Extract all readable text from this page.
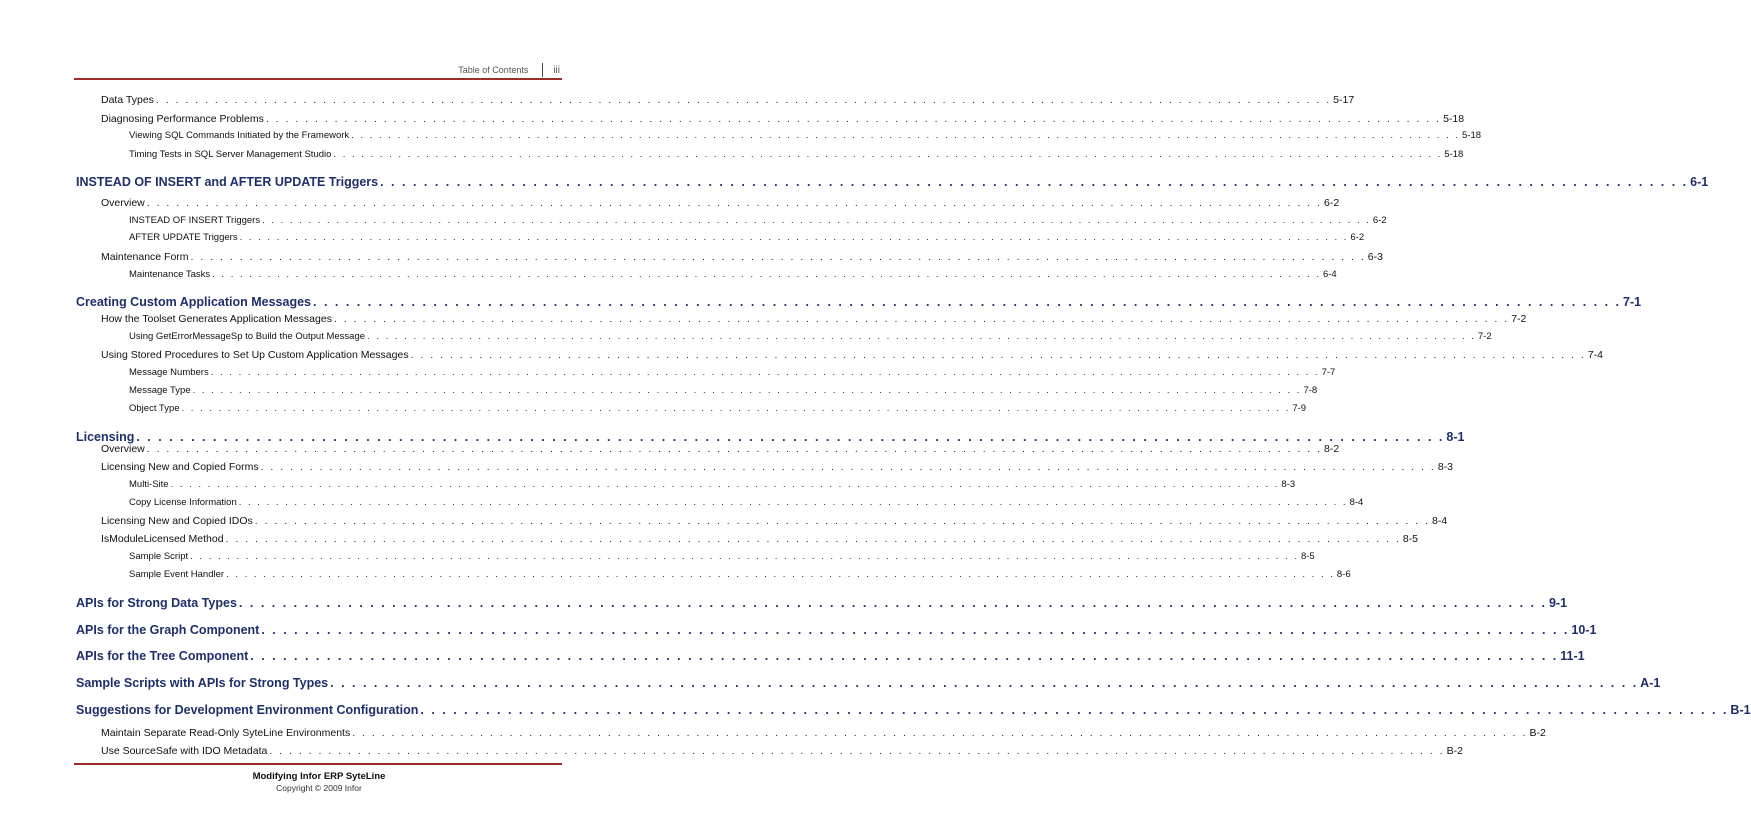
Table of Contents	iii
Data Types . . . . . . . . . . . . . . . . . . . . . . . . . . . . . . . . . . . . . . . . . . . . . . . . . . . . . . . . . . . . . . . . . . . . . . . . . . . . . . . . . . . . . . . . . . . . . . . . . . . . . . . . . . . . . . . . . . . . . . . . 5-17
Diagnosing Performance Problems . . . . . . . . . . . . . . . . . . . . . . . . . . . . . . . . . . . . . . . . . . . . . . . . . . . . . . . . . . . . . . . . . . . . . . . . . . . . . . . . . . . . . . . . . . . . . . . . . . . . . . . . . . . . . . . . . . . . . . . . 5-18
Viewing SQL Commands Initiated by the Framework . . . . . . . . . . . . . . . . . . . . . . . . . . . . . . . . . . . . . . . . . . . . . . . . . . . . . . . . . . . . . . . . . . . . . . . . . . . . . . . . . . . . . . . . . . . . . . . . . . . . . . . . . . . . . . . . . . . . . . . . 5-18
Timing Tests in SQL Server Management Studio . . . . . . . . . . . . . . . . . . . . . . . . . . . . . . . . . . . . . . . . . . . . . . . . . . . . . . . . . . . . . . . . . . . . . . . . . . . . . . . . . . . . . . . . . . . . . . . . . . . . . . . . . . . . . . . . . . . . . . . . 5-18
INSTEAD OF INSERT and AFTER UPDATE Triggers . . . . . . . . . . . . . . . . . . . . . . . . . . . . . . . . . . . . . . . . . . . . . . . . . . . . . . . . . . . . . . . . . . . . . . . . . . . . . . . . . . . . . . . . . . . . . . . . . . . . . . . . . . . . . . . . . . . . . . . . 6-1
Overview . . . . . . . . . . . . . . . . . . . . . . . . . . . . . . . . . . . . . . . . . . . . . . . . . . . . . . . . . . . . . . . . . . . . . . . . . . . . . . . . . . . . . . . . . . . . . . . . . . . . . . . . . . . . . . . . . . . . . . . . 6-2
INSTEAD OF INSERT Triggers . . . . . . . . . . . . . . . . . . . . . . . . . . . . . . . . . . . . . . . . . . . . . . . . . . . . . . . . . . . . . . . . . . . . . . . . . . . . . . . . . . . . . . . . . . . . . . . . . . . . . . . . . . . . . . . . . . . . . . . . 6-2
AFTER UPDATE Triggers . . . . . . . . . . . . . . . . . . . . . . . . . . . . . . . . . . . . . . . . . . . . . . . . . . . . . . . . . . . . . . . . . . . . . . . . . . . . . . . . . . . . . . . . . . . . . . . . . . . . . . . . . . . . . . . . . . . . . . . . 6-2
Maintenance Form . . . . . . . . . . . . . . . . . . . . . . . . . . . . . . . . . . . . . . . . . . . . . . . . . . . . . . . . . . . . . . . . . . . . . . . . . . . . . . . . . . . . . . . . . . . . . . . . . . . . . . . . . . . . . . . . . . . . . . . . 6-3
Maintenance Tasks . . . . . . . . . . . . . . . . . . . . . . . . . . . . . . . . . . . . . . . . . . . . . . . . . . . . . . . . . . . . . . . . . . . . . . . . . . . . . . . . . . . . . . . . . . . . . . . . . . . . . . . . . . . . . . . . . . . . . . . . 6-4
Creating Custom Application Messages . . . . . . . . . . . . . . . . . . . . . . . . . . . . . . . . . . . . . . . . . . . . . . . . . . . . . . . . . . . . . . . . . . . . . . . . . . . . . . . . . . . . . . . . . . . . . . . . . . . . . . . . . . . . . . . . . . . . . . . . 7-1
How the Toolset Generates Application Messages . . . . . . . . . . . . . . . . . . . . . . . . . . . . . . . . . . . . . . . . . . . . . . . . . . . . . . . . . . . . . . . . . . . . . . . . . . . . . . . . . . . . . . . . . . . . . . . . . . . . . . . . . . . . . . . . . . . . . . . . 7-2
Using GetErrorMessageSp to Build the Output Message . . . . . . . . . . . . . . . . . . . . . . . . . . . . . . . . . . . . . . . . . . . . . . . . . . . . . . . . . . . . . . . . . . . . . . . . . . . . . . . . . . . . . . . . . . . . . . . . . . . . . . . . . . . . . . . . . . . . . . . . 7-2
Using Stored Procedures to Set Up Custom Application Messages . . . . . . . . . . . . . . . . . . . . . . . . . . . . . . . . . . . . . . . . . . . . . . . . . . . . . . . . . . . . . . . . . . . . . . . . . . . . . . . . . . . . . . . . . . . . . . . . . . . . . . . . . . . . . . . . . . . . . . . . 7-4
Message Numbers . . . . . . . . . . . . . . . . . . . . . . . . . . . . . . . . . . . . . . . . . . . . . . . . . . . . . . . . . . . . . . . . . . . . . . . . . . . . . . . . . . . . . . . . . . . . . . . . . . . . . . . . . . . . . . . . . . . . . . . . 7-7
Message Type . . . . . . . . . . . . . . . . . . . . . . . . . . . . . . . . . . . . . . . . . . . . . . . . . . . . . . . . . . . . . . . . . . . . . . . . . . . . . . . . . . . . . . . . . . . . . . . . . . . . . . . . . . . . . . . . . . . . . . . . 7-8
Object Type . . . . . . . . . . . . . . . . . . . . . . . . . . . . . . . . . . . . . . . . . . . . . . . . . . . . . . . . . . . . . . . . . . . . . . . . . . . . . . . . . . . . . . . . . . . . . . . . . . . . . . . . . . . . . . . . . . . . . . . . 7-9
Licensing . . . . . . . . . . . . . . . . . . . . . . . . . . . . . . . . . . . . . . . . . . . . . . . . . . . . . . . . . . . . . . . . . . . . . . . . . . . . . . . . . . . . . . . . . . . . . . . . . . . . . . . . . . . . . . . . . . . . . . . . 8-1
Overview . . . . . . . . . . . . . . . . . . . . . . . . . . . . . . . . . . . . . . . . . . . . . . . . . . . . . . . . . . . . . . . . . . . . . . . . . . . . . . . . . . . . . . . . . . . . . . . . . . . . . . . . . . . . . . . . . . . . . . . . 8-2
Licensing New and Copied Forms . . . . . . . . . . . . . . . . . . . . . . . . . . . . . . . . . . . . . . . . . . . . . . . . . . . . . . . . . . . . . . . . . . . . . . . . . . . . . . . . . . . . . . . . . . . . . . . . . . . . . . . . . . . . . . . . . . . . . . . . 8-3
Multi-Site . . . . . . . . . . . . . . . . . . . . . . . . . . . . . . . . . . . . . . . . . . . . . . . . . . . . . . . . . . . . . . . . . . . . . . . . . . . . . . . . . . . . . . . . . . . . . . . . . . . . . . . . . . . . . . . . . . . . . . . . 8-3
Copy License Information . . . . . . . . . . . . . . . . . . . . . . . . . . . . . . . . . . . . . . . . . . . . . . . . . . . . . . . . . . . . . . . . . . . . . . . . . . . . . . . . . . . . . . . . . . . . . . . . . . . . . . . . . . . . . . . . . . . . . . . . 8-4
Licensing New and Copied IDOs . . . . . . . . . . . . . . . . . . . . . . . . . . . . . . . . . . . . . . . . . . . . . . . . . . . . . . . . . . . . . . . . . . . . . . . . . . . . . . . . . . . . . . . . . . . . . . . . . . . . . . . . . . . . . . . . . . . . . . . . 8-4
IsModuleLicensed Method . . . . . . . . . . . . . . . . . . . . . . . . . . . . . . . . . . . . . . . . . . . . . . . . . . . . . . . . . . . . . . . . . . . . . . . . . . . . . . . . . . . . . . . . . . . . . . . . . . . . . . . . . . . . . . . . . . . . . . . . 8-5
Sample Script . . . . . . . . . . . . . . . . . . . . . . . . . . . . . . . . . . . . . . . . . . . . . . . . . . . . . . . . . . . . . . . . . . . . . . . . . . . . . . . . . . . . . . . . . . . . . . . . . . . . . . . . . . . . . . . . . . . . . . . . 8-5
Sample Event Handler . . . . . . . . . . . . . . . . . . . . . . . . . . . . . . . . . . . . . . . . . . . . . . . . . . . . . . . . . . . . . . . . . . . . . . . . . . . . . . . . . . . . . . . . . . . . . . . . . . . . . . . . . . . . . . . . . . . . . . . . 8-6
APIs for Strong Data Types . . . . . . . . . . . . . . . . . . . . . . . . . . . . . . . . . . . . . . . . . . . . . . . . . . . . . . . . . . . . . . . . . . . . . . . . . . . . . . . . . . . . . . . . . . . . . . . . . . . . . . . . . . . . . . . . . . . . . . . . 9-1
APIs for the Graph Component . . . . . . . . . . . . . . . . . . . . . . . . . . . . . . . . . . . . . . . . . . . . . . . . . . . . . . . . . . . . . . . . . . . . . . . . . . . . . . . . . . . . . . . . . . . . . . . . . . . . . . . . . . . . . . . . . . . . . . . . 10-1
APIs for the Tree Component . . . . . . . . . . . . . . . . . . . . . . . . . . . . . . . . . . . . . . . . . . . . . . . . . . . . . . . . . . . . . . . . . . . . . . . . . . . . . . . . . . . . . . . . . . . . . . . . . . . . . . . . . . . . . . . . . . . . . . . . 11-1
Sample Scripts with APIs for Strong Types . . . . . . . . . . . . . . . . . . . . . . . . . . . . . . . . . . . . . . . . . . . . . . . . . . . . . . . . . . . . . . . . . . . . . . . . . . . . . . . . . . . . . . . . . . . . . . . . . . . . . . . . . . . . . . . . . . . . . . . . A-1
Suggestions for Development Environment Configuration . . . . . . . . . . . . . . . . . . . . . . . . . . . . . . . . . . . . . . . . . . . . . . . . . . . . . . . . . . . . . . . . . . . . . . . . . . . . . . . . . . . . . . . . . . . . . . . . . . . . . . . . . . . . . . . . . . . . . . . . B-1
Maintain Separate Read-Only SyteLine Environments . . . . . . . . . . . . . . . . . . . . . . . . . . . . . . . . . . . . . . . . . . . . . . . . . . . . . . . . . . . . . . . . . . . . . . . . . . . . . . . . . . . . . . . . . . . . . . . . . . . . . . . . . . . . . . . . . . . . . . . . B-2
Use SourceSafe with IDO Metadata . . . . . . . . . . . . . . . . . . . . . . . . . . . . . . . . . . . . . . . . . . . . . . . . . . . . . . . . . . . . . . . . . . . . . . . . . . . . . . . . . . . . . . . . . . . . . . . . . . . . . . . . . . . . . . . . . . . . . . . . B-2
Modifying Infor ERP SyteLine
Copyright © 2009 Infor
